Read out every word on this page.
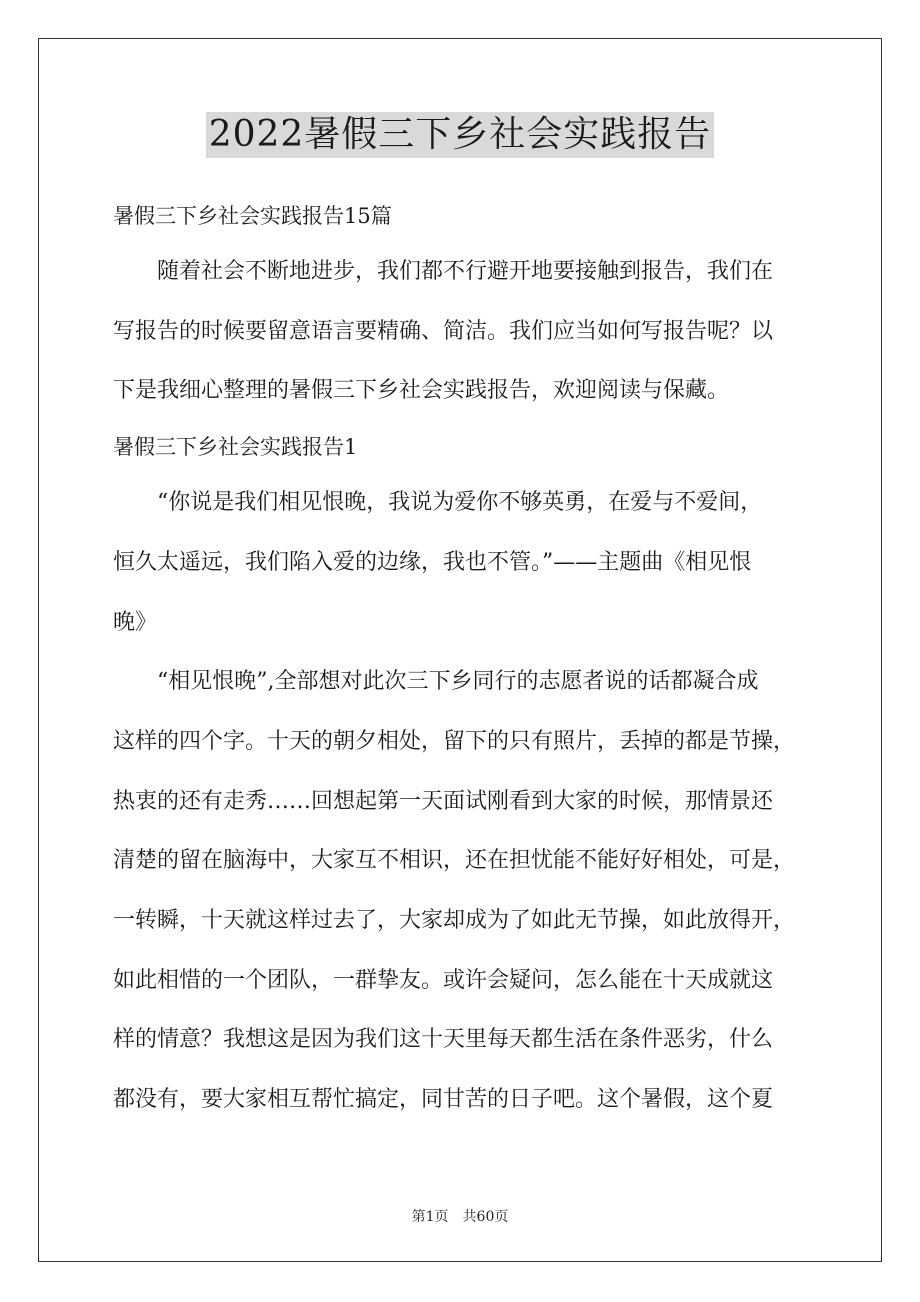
2022暑假三下乡社会实践报告

暑假三下乡社会实践报告15篇

随着社会不断地进步，我们都不行避开地要接触到报告，我们在

写报告的时候要留意语言要精确、简洁。我们应当如何写报告呢？以

下是我细心整理的暑假三下乡社会实践报告，欢迎阅读与保藏。

暑假三下乡社会实践报告1

“你说是我们相见恨晚，我说为爱你不够英勇，在爱与不爱间，

恒久太遥远，我们陷入爱的边缘，我也不管。”——主题曲《相见恨

晚》

“相见恨晚”,全部想对此次三下乡同行的志愿者说的话都凝合成

这样的四个字。十天的朝夕相处，留下的只有照片，丢掉的都是节操，

热衷的还有走秀……回想起第一天面试刚看到大家的时候，那情景还

清楚的留在脑海中，大家互不相识，还在担忧能不能好好相处，可是，

一转瞬，十天就这样过去了，大家却成为了如此无节操，如此放得开，

如此相惜的一个团队，一群挚友。或许会疑问，怎么能在十天成就这

样的情意？我想这是因为我们这十天里每天都生活在条件恶劣，什么

都没有，要大家相互帮忙搞定，同甘苦的日子吧。这个暑假，这个夏

第1页 共60页
